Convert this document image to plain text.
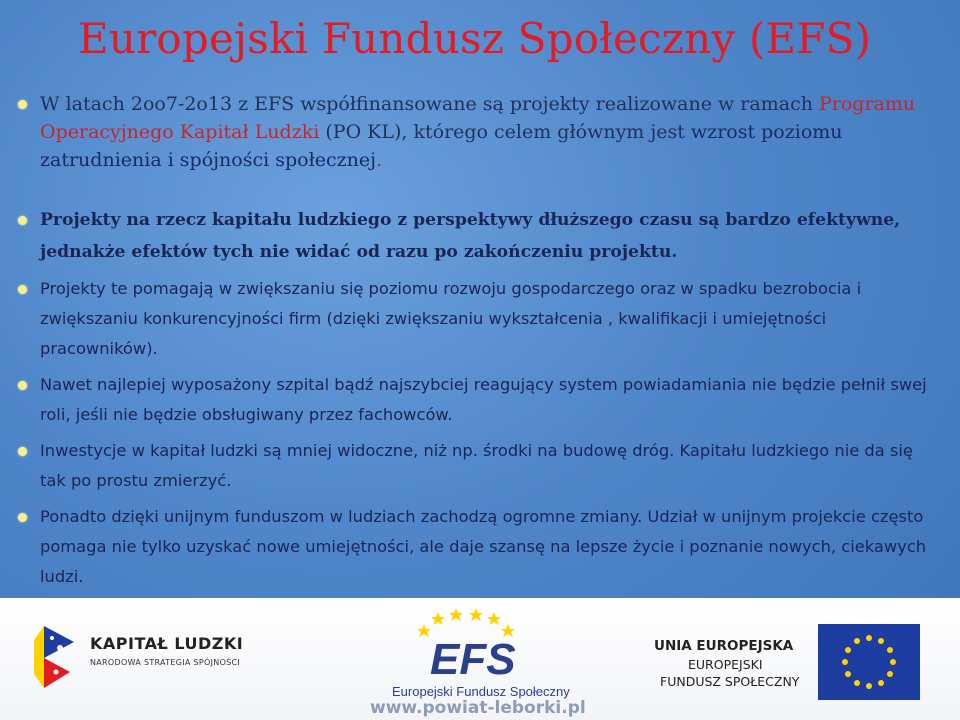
Europejski Fundusz Społeczny (EFS)
W latach 2oo7-2o13 z EFS współfinansowane są projekty realizowane w ramach Programu Operacyjnego Kapitał Ludzki (PO KL), którego celem głównym jest wzrost poziomu zatrudnienia i spójności społecznej.
Projekty na rzecz kapitału ludzkiego z perspektywy dłuższego czasu są bardzo efektywne, jednakże efektów tych nie widać od razu po zakończeniu projektu.
Projekty te pomagają w zwiększaniu się poziomu rozwoju gospodarczego oraz w spadku bezrobocia i zwiększaniu konkurencyjności firm (dzięki zwiększaniu wykształcenia , kwalifikacji i umiejętności pracowników).
Nawet najlepiej wyposażony szpital bądź najszybciej reagujący system powiadamiania nie będzie pełnił swej roli, jeśli nie będzie obsługiwany przez fachowców.
Inwestycje w kapitał ludzki są mniej widoczne, niż np. środki na budowę dróg. Kapitału ludzkiego nie da się tak po prostu zmierzyć.
Ponadto dzięki unijnym funduszom w ludziach zachodzą ogromne zmiany. Udział w unijnym projekcie często pomaga nie tylko uzyskać nowe umiejętności, ale daje szansę na lepsze życie i poznanie nowych, ciekawych ludzi.
KAPITAŁ LUDZKI
NARODOWA STRATEGIA SPÓJNOŚCI	EFS
Europejski Fundusz Społeczny
UNIA EUROPEJSKA
EUROPEJSKI
FUNDUSZ SPOŁECZNY
www.powiat-leborki.pl
